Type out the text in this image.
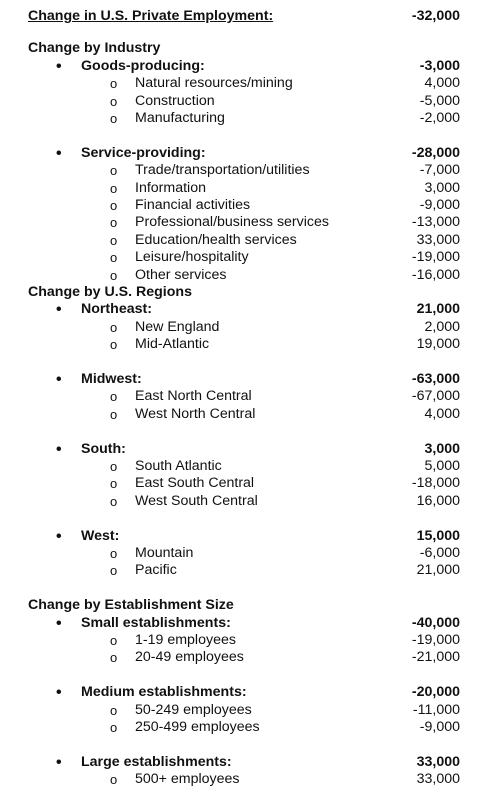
Change in U.S. Private Employment:	-32,000
Change by Industry
• Goods-producing:	-3,000
o Natural resources/mining	4,000
o Construction	-5,000
o Manufacturing	-2,000
• Service-providing:	-28,000
o Trade/transportation/utilities	-7,000
o Information	3,000
o Financial activities	-9,000
o Professional/business services	-13,000
o Education/health services	33,000
o Leisure/hospitality	-19,000
o Other services	-16,000
Change by U.S. Regions
• Northeast:	21,000
o New England	2,000
o Mid-Atlantic	19,000
• Midwest:	-63,000
o East North Central	-67,000
o West North Central	4,000
• South:	3,000
o South Atlantic	5,000
o East South Central	-18,000
o West South Central	16,000
• West:	15,000
o Mountain	-6,000
o Pacific	21,000
Change by Establishment Size
• Small establishments:	-40,000
o 1-19 employees	-19,000
o 20-49 employees	-21,000
• Medium establishments:	-20,000
o 50-249 employees	-11,000
o 250-499 employees	-9,000
• Large establishments:	33,000
o 500+ employees	33,000
